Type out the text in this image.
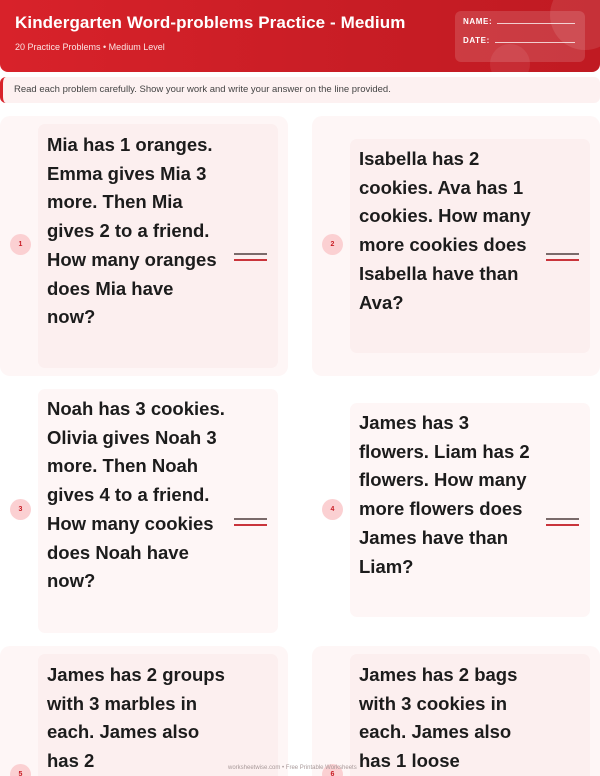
Kindergarten Word-problems Practice - Medium
20 Practice Problems • Medium Level
NAME:
DATE:
Read each problem carefully. Show your work and write your answer on the line provided.
1
Mia has 1 oranges. Emma gives Mia 3 more. Then Mia gives 2 to a friend. How many oranges does Mia have now?
2
Isabella has 2 cookies. Ava has 1 cookies. How many more cookies does Isabella have than Ava?
3
Noah has 3 cookies. Olivia gives Noah 3 more. Then Noah gives 4 to a friend. How many cookies does Noah have now?
4
James has 3 flowers. Liam has 2 flowers. How many more flowers does James have than Liam?
5
James has 2 groups with 3 marbles in each. James also has 2
6
James has 2 bags with 3 cookies in each. James also has 1 loose
worksheetwise.com • Free Printable Worksheets
